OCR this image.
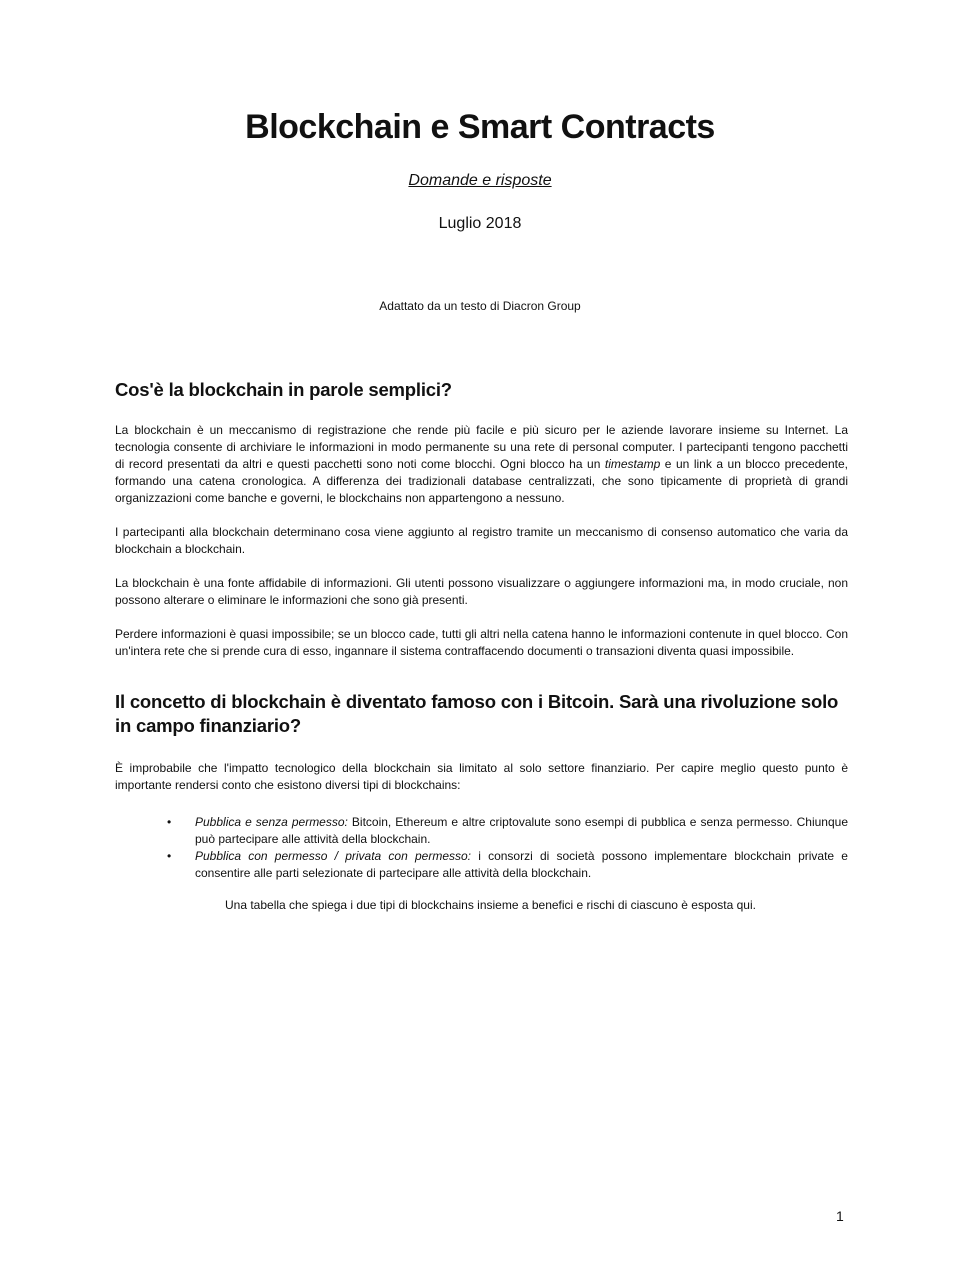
Blockchain e Smart Contracts
Domande e risposte
Luglio 2018
Adattato da un testo di Diacron Group
Cos'è la blockchain in parole semplici?

La blockchain è un meccanismo di registrazione che rende più facile e più sicuro per le aziende lavorare insieme su Internet. La tecnologia consente di archiviare le informazioni in modo permanente su una rete di personal computer. I partecipanti tengono pacchetti di record presentati da altri e questi pacchetti sono noti come blocchi. Ogni blocco ha un timestamp e un link a un blocco precedente, formando una catena cronologica. A differenza dei tradizionali database centralizzati, che sono tipicamente di proprietà di grandi organizzazioni come banche e governi, le blockchains non appartengono a nessuno.

I partecipanti alla blockchain determinano cosa viene aggiunto al registro tramite un meccanismo di consenso automatico che varia da blockchain a blockchain.

La blockchain è una fonte affidabile di informazioni. Gli utenti possono visualizzare o aggiungere informazioni ma, in modo cruciale, non possono alterare o eliminare le informazioni che sono già presenti.

Perdere informazioni è quasi impossibile; se un blocco cade, tutti gli altri nella catena hanno le informazioni contenute in quel blocco. Con un'intera rete che si prende cura di esso, ingannare il sistema contraffacendo documenti o transazioni diventa quasi impossibile.

Il concetto di blockchain è diventato famoso con i Bitcoin. Sarà una rivoluzione solo in campo finanziario?

È improbabile che l'impatto tecnologico della blockchain sia limitato al solo settore finanziario. Per capire meglio questo punto è importante rendersi conto che esistono diversi tipi di blockchains:

• Pubblica e senza permesso: Bitcoin, Ethereum e altre criptovalute sono esempi di pubblica e senza permesso. Chiunque può partecipare alle attività della blockchain.
• Pubblica con permesso / privata con permesso: i consorzi di società possono implementare blockchain private e consentire alle parti selezionate di partecipare alle attività della blockchain.
Una tabella che spiega i due tipi di blockchains insieme a benefici e rischi di ciascuno è esposta qui.
1
